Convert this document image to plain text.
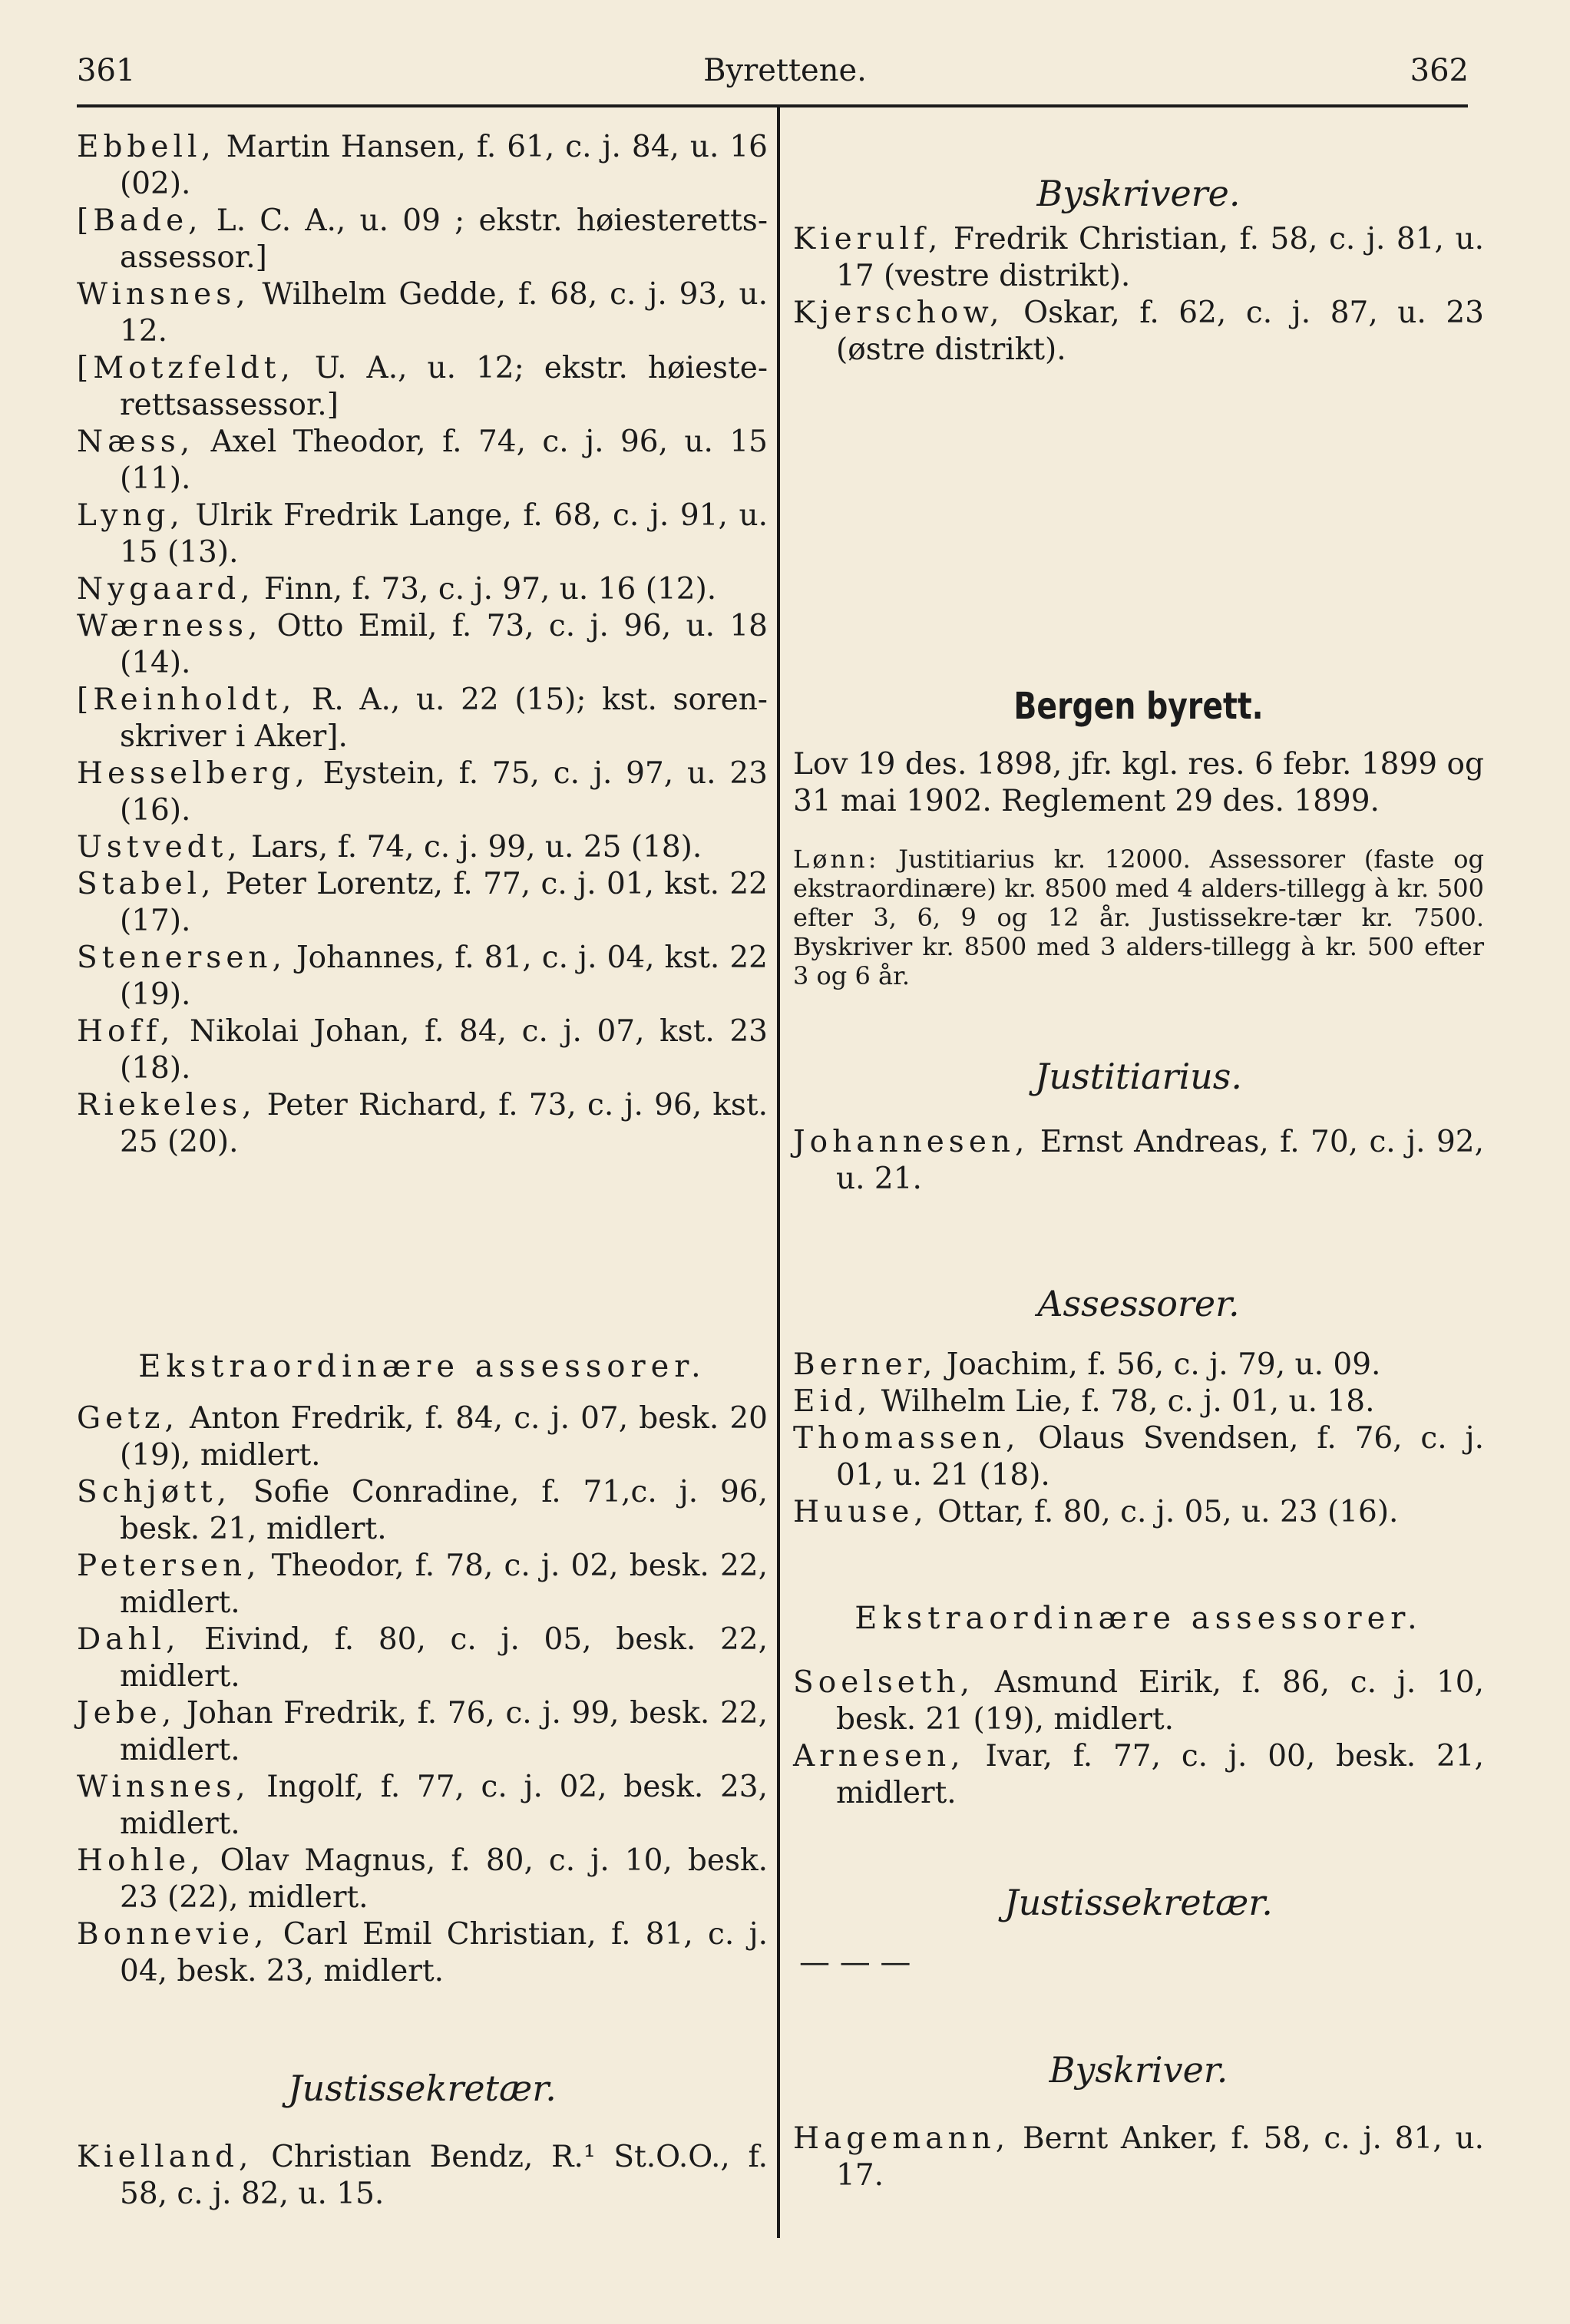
361	Byrettene.	362

Ebbell, Martin Hansen, f. 61, c. j. 84, u. 16 (02).

[Bade, L. C. A., u. 09 ; ekstr. høiesteretts-assessor.]

Winsnes, Wilhelm Gedde, f. 68, c. j. 93, u. 12.

[Motzfeldt, U. A., u. 12; ekstr. høieste-rettsassessor.]

Næss, Axel Theodor, f. 74, c. j. 96, u. 15 (11).

Lyng, Ulrik Fredrik Lange, f. 68, c. j. 91, u. 15 (13).

Nygaard, Finn, f. 73, c. j. 97, u. 16 (12).

Wærness, Otto Emil, f. 73, c. j. 96, u. 18 (14).

[Reinholdt, R. A., u. 22 (15); kst. soren-skriver i Aker].

Hesselberg, Eystein, f. 75, c. j. 97, u. 23 (16).

Ustvedt, Lars, f. 74, c. j. 99, u. 25 (18).

Stabel, Peter Lorentz, f. 77, c. j. 01, kst. 22 (17).

Stenersen, Johannes, f. 81, c. j. 04, kst. 22 (19).

Hoff, Nikolai Johan, f. 84, c. j. 07, kst. 23 (18).

Riekeles, Peter Richard, f. 73, c. j. 96, kst. 25 (20).

Ekstraordinære assessorer.

Getz, Anton Fredrik, f. 84, c. j. 07, besk. 20 (19), midlert.

Schjøtt, Sofie Conradine, f. 71,c. j. 96, besk. 21, midlert.

Petersen, Theodor, f. 78, c. j. 02, besk. 22, midlert.

Dahl, Eivind, f. 80, c. j. 05, besk. 22, midlert.

Jebe, Johan Fredrik, f. 76, c. j. 99, besk. 22, midlert.

Winsnes, Ingolf, f. 77, c. j. 02, besk. 23, midlert.

Hohle, Olav Magnus, f. 80, c. j. 10, besk. 23 (22), midlert.

Bonnevie, Carl Emil Christian, f. 81, c. j. 04, besk. 23, midlert.

Justissekretær.

Kielland, Christian Bendz, R.¹ St.O.O., f. 58, c. j. 82, u. 15.

Byskrivere.

Kierulf, Fredrik Christian, f. 58, c. j. 81, u. 17 (vestre distrikt).

Kjerschow, Oskar, f. 62, c. j. 87, u. 23 (østre distrikt).

Bergen byrett.

Lov 19 des. 1898, jfr. kgl. res. 6 febr. 1899 og 31 mai 1902. Reglement 29 des. 1899.

Lønn: Justitiarius kr. 12000. Assessorer (faste og ekstraordinære) kr. 8500 med 4 alders-tillegg à kr. 500 efter 3, 6, 9 og 12 år. Justissekre-tær kr. 7500. Byskriver kr. 8500 med 3 alders-tillegg à kr. 500 efter 3 og 6 år.

Justitiarius.

Johannesen, Ernst Andreas, f. 70, c. j. 92, u. 21.

Assessorer.

Berner, Joachim, f. 56, c. j. 79, u. 09.

Eid, Wilhelm Lie, f. 78, c. j. 01, u. 18.

Thomassen, Olaus Svendsen, f. 76, c. j. 01, u. 21 (18).

Huuse, Ottar, f. 80, c. j. 05, u. 23 (16).

Ekstraordinære assessorer.

Soelseth, Asmund Eirik, f. 86, c. j. 10, besk. 21 (19), midlert.

Arnesen, Ivar, f. 77, c. j. 00, besk. 21, midlert.

Justissekretær.

— — —

Byskriver.

Hagemann, Bernt Anker, f. 58, c. j. 81, u. 17.
